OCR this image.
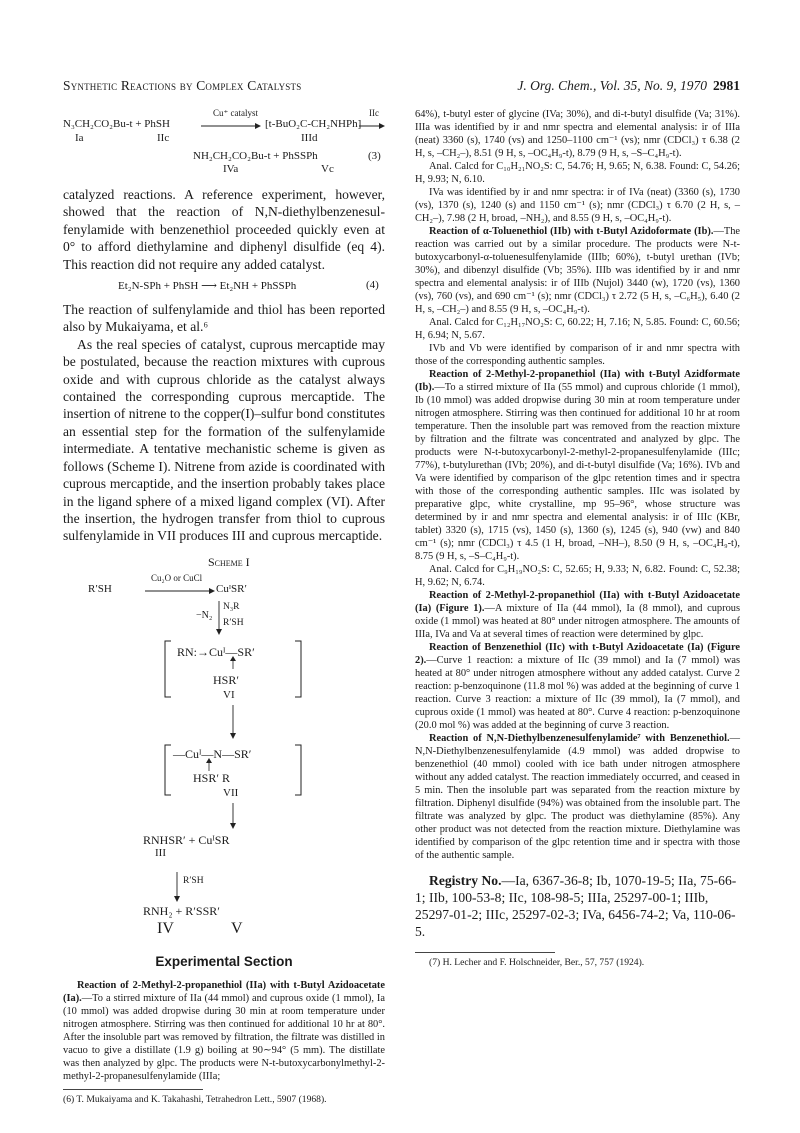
Synthetic Reactions by Complex Catalysts	J. Org. Chem., Vol. 35, No. 9, 1970 2981
N₃CH₂CO₂Bu-t + PhSH
Cu⁺ catalyst
[t-BuO₂C-CH₂NHPh]
IIc
Ia	IIc	IIId
NH₂CH₂CO₂Bu-t + PhSSPh	(3)
IVa	Vc

catalyzed reactions. A reference experiment, however, showed that the reaction of N,N-diethylbenzenesulfenylamide with benzenethiol proceeded quickly even at 0° to afford diethylamine and diphenyl disulfide (eq 4). This reaction did not require any added catalyst.

Et₂N-SPh + PhSH ⟶ Et₂NH + PhSSPh	(4)

The reaction of sulfenylamide and thiol has been reported also by Mukaiyama, et al.⁶

As the real species of catalyst, cuprous mercaptide may be postulated, because the reaction mixtures with cuprous oxide and with cuprous chloride as the catalyst always contained the corresponding cuprous mercaptide. The insertion of nitrene to the copper(I)–sulfur bond constitutes an essential step for the formation of the sulfenylamide intermediate. A tentative mechanistic scheme is given as follows (Scheme I). Nitrene from azide is coordinated with cuprous mercaptide, and the insertion probably takes place in the ligand sphere of a mixed ligand complex (VI). After the insertion, the hydrogen transfer from thiol to cuprous sulfenylamide in VII produces III and cuprous mercaptide.

Scheme I
R′SH
Cu₂O or CuCl
CuᴵSR′
−N₂
N₃R
R′SH
RN:→Cuᴵ—SR′
HSR′
VI
—Cuᴵ—N—SR′
HSR′ R
VII
RNHSR′ + CuᴵSR
III
R′SH
RNH₂ + R′SSR′
IV	V
Experimental Section

Reaction of 2-Methyl-2-propanethiol (IIa) with t-Butyl Azidoacetate (Ia).—To a stirred mixture of IIa (44 mmol) and cuprous oxide (1 mmol), Ia (10 mmol) was added dropwise during 30 min at room temperature under nitrogen atmosphere. Stirring was then continued for additional 10 hr at 80°. After the insoluble part was removed by filtration, the filtrate was distilled in vacuo to give a distillate (1.9 g) boiling at 90∼94° (5 mm). The distillate was then analyzed by glpc. The products were N-t-butoxycarbonylmethyl-2-methyl-2-propanesulfenylamide (IIIa;

(6) T. Mukaiyama and K. Takahashi, Tetrahedron Lett., 5907 (1968).

64%), t-butyl ester of glycine (IVa; 30%), and di-t-butyl disulfide (Va; 31%). IIIa was identified by ir and nmr spectra and elemental analysis: ir of IIIa (neat) 3360 (s), 1740 (vs) and 1250–1100 cm⁻¹ (vs); nmr (CDCl₃) τ 6.38 (2 H, s, –CH₂–), 8.51 (9 H, s, –OC₄H₉-t), 8.79 (9 H, s, –S–C₄H₉-t).

Anal. Calcd for C₁₀H₂₁NO₂S: C, 54.76; H, 9.65; N, 6.38. Found: C, 54.26; H, 9.93; N, 6.10.

IVa was identified by ir and nmr spectra: ir of IVa (neat) (3360 (s), 1730 (vs), 1370 (s), 1240 (s) and 1150 cm⁻¹ (s); nmr (CDCl₃) τ 6.70 (2 H, s, –CH₂–), 7.98 (2 H, broad, –NH₂), and 8.55 (9 H, s, –OC₄H₉-t).

Reaction of α-Toluenethiol (IIb) with t-Butyl Azidoformate (Ib).—The reaction was carried out by a similar procedure. The products were N-t-butoxycarbonyl-α-toluenesulfenylamide (IIIb; 60%), t-butyl urethan (IVb; 30%), and dibenzyl disulfide (Vb; 35%). IIIb was identified by ir and nmr spectra and elemental analysis: ir of IIIb (Nujol) 3440 (w), 1720 (vs), 1360 (vs), 760 (vs), and 690 cm⁻¹ (s); nmr (CDCl₃) τ 2.72 (5 H, s, –C₆H₅), 6.40 (2 H, s, –CH₂–) and 8.55 (9 H, s, –OC₄H₉-t).

Anal. Calcd for C₁₂H₁₇NO₂S: C, 60.22; H, 7.16; N, 5.85. Found: C, 60.56; H, 6.94; N, 5.67.

IVb and Vb were identified by comparison of ir and nmr spectra with those of the corresponding authentic samples.

Reaction of 2-Methyl-2-propanethiol (IIa) with t-Butyl Azidformate (Ib).—To a stirred mixture of IIa (55 mmol) and cuprous chloride (1 mmol), Ib (10 mmol) was added dropwise during 30 min at room temperature under nitrogen atmosphere. Stirring was then continued for additional 10 hr at room temperature. Then the insoluble part was removed from the reaction mixture by filtration and the filtrate was concentrated and analyzed by glpc. The products were N-t-butoxycarbonyl-2-methyl-2-propanesulfenylamide (IIIc; 77%), t-butylurethan (IVb; 20%), and di-t-butyl disulfide (Va; 16%). IVb and Va were identified by comparison of the glpc retention times and ir spectra with those of the corresponding authentic samples. IIIc was isolated by preparative glpc, white crystalline, mp 95–96°, whose structure was determined by ir and nmr spectra and elemental analysis: ir of IIIc (KBr, tablet) 3320 (s), 1715 (vs), 1450 (s), 1360 (s), 1245 (s), 940 (vw) and 840 cm⁻¹ (s); nmr (CDCl₃) τ 4.5 (1 H, broad, –NH–), 8.50 (9 H, s, –OC₄H₉-t), 8.75 (9 H, s, –S–C₄H₉-t).

Anal. Calcd for C₉H₁₉NO₂S: C, 52.65; H, 9.33; N, 6.82. Found: C, 52.38; H, 9.62; N, 6.74.

Reaction of 2-Methyl-2-propanethiol (IIa) with t-Butyl Azidoacetate (Ia) (Figure 1).—A mixture of IIa (44 mmol), Ia (8 mmol), and cuprous oxide (1 mmol) was heated at 80° under nitrogen atmosphere. The amounts of IIIa, IVa and Va at several times of reaction were determined by glpc.

Reaction of Benzenethiol (IIc) with t-Butyl Azidoacetate (Ia) (Figure 2).—Curve 1 reaction: a mixture of IIc (39 mmol) and Ia (7 mmol) was heated at 80° under nitrogen atmosphere without any added catalyst. Curve 2 reaction: p-benzoquinone (11.8 mol %) was added at the beginning of curve 1 reaction. Curve 3 reaction: a mixture of IIc (39 mmol), Ia (7 mmol), and cuprous oxide (1 mmol) was heated at 80°. Curve 4 reaction: p-benzoquinone (20.0 mol %) was added at the beginning of curve 3 reaction.

Reaction of N,N-Diethylbenzenesulfenylamide⁷ with Benzenethiol.—N,N-Diethylbenzenesulfenylamide (4.9 mmol) was added dropwise to benzenethiol (40 mmol) cooled with ice bath under nitrogen atmosphere without any added catalyst. The reaction immediately occurred, and ceased in 5 min. Then the insoluble part was separated from the reaction mixture by filtration. Diphenyl disulfide (94%) was obtained from the insoluble part. The filtrate was analyzed by glpc. The product was diethylamine (85%). Any other product was not detected from the reaction mixture. Diethylamine was identified by comparison of the glpc retention time and ir spectra with those of the authentic sample.

Registry No.—Ia, 6367-36-8; Ib, 1070-19-5; IIa, 75-66-1; IIb, 100-53-8; IIc, 108-98-5; IIIa, 25297-00-1; IIIb, 25297-01-2; IIIc, 25297-02-3; IVa, 6456-74-2; Va, 110-06-5.

(7) H. Lecher and F. Holschneider, Ber., 57, 757 (1924).
